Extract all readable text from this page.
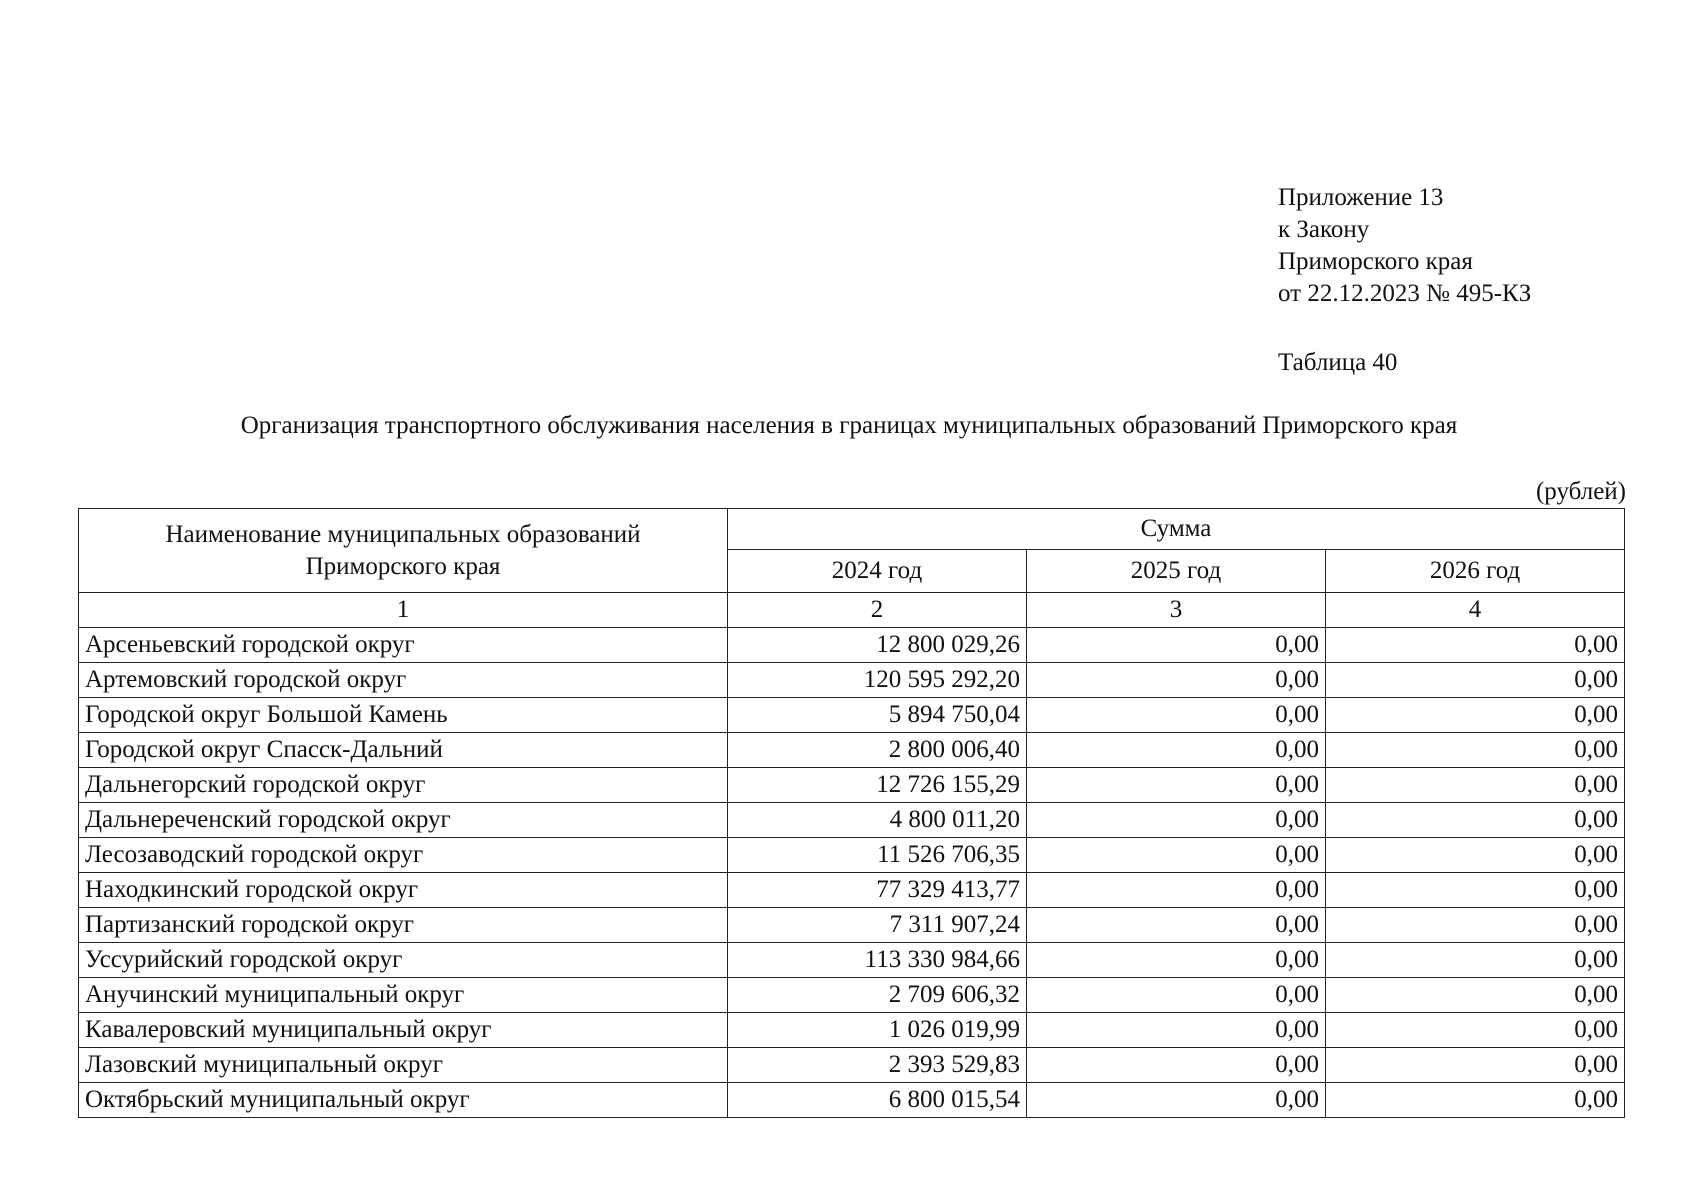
Приложение 13
к Закону
Приморского края
от 22.12.2023 № 495-КЗ
Таблица 40
Организация транспортного обслуживания населения в границах муниципальных образований Приморского края
(рублей)
Наименование муниципальных образований
Приморского края	Сумма		
	2024 год	2025 год	2026 год
1	2	3	4
Арсеньевский городской округ	12 800 029,26	0,00	0,00
Артемовский городской округ	120 595 292,20	0,00	0,00
Городской округ Большой Камень	5 894 750,04	0,00	0,00
Городской округ Спасск-Дальний	2 800 006,40	0,00	0,00
Дальнегорский городской округ	12 726 155,29	0,00	0,00
Дальнереченский городской округ	4 800 011,20	0,00	0,00
Лесозаводский городской округ	11 526 706,35	0,00	0,00
Находкинский городской округ	77 329 413,77	0,00	0,00
Партизанский городской округ	7 311 907,24	0,00	0,00
Уссурийский городской округ	113 330 984,66	0,00	0,00
Анучинский муниципальный округ	2 709 606,32	0,00	0,00
Кавалеровский муниципальный округ	1 026 019,99	0,00	0,00
Лазовский муниципальный округ	2 393 529,83	0,00	0,00
Октябрьский муниципальный округ	6 800 015,54	0,00	0,00
